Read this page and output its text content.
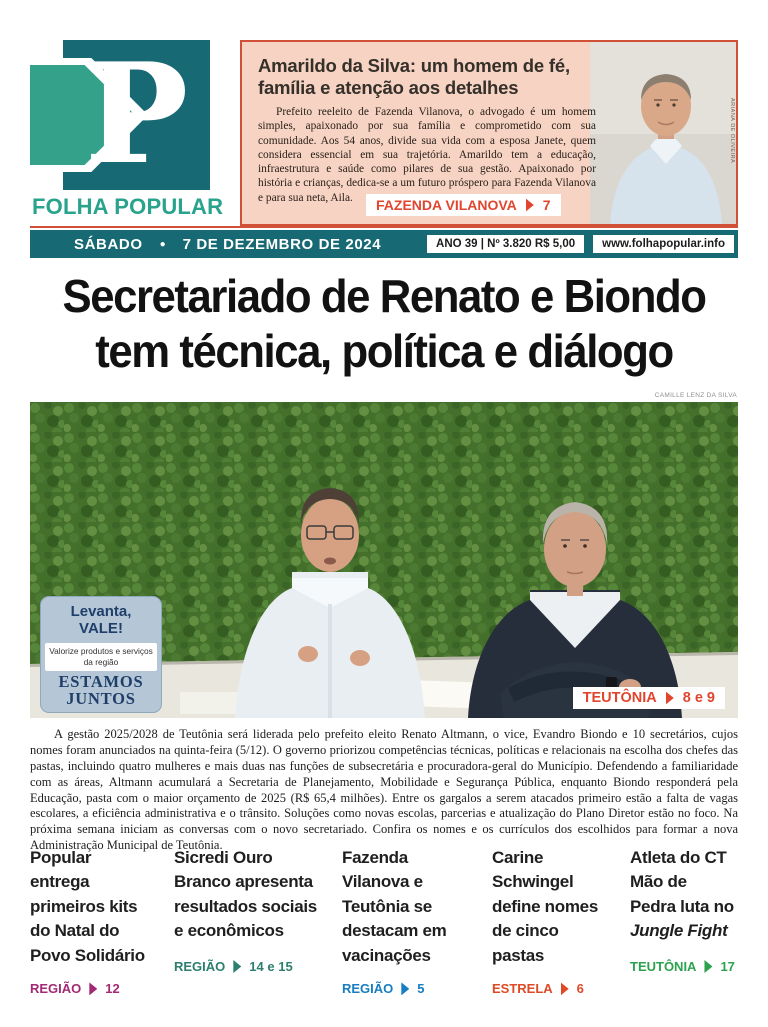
P
FOLHA POPULAR
ARIANA DE OLIVEIRA
Amarildo da Silva: um homem de fé, família e atenção aos detalhes
Prefeito reeleito de Fazenda Vilanova, o advogado é um homem simples, apaixonado por sua família e comprometido com sua comunidade. Aos 54 anos, divide sua vida com a esposa Janete, quem considera essencial em sua trajetória. Amarildo tem a educação, infraestrutura e saúde como pilares de sua gestão. Apaixonado por história e crianças, dedica-se a um futuro próspero para Fazenda Vilanova e para sua neta, Aila.	FAZENDA VILANOVA 7
SÁBADO ● 7 DE DEZEMBRO DE 2024	ANO 39 | Nº 3.820 R$ 5,00	www.folhapopular.info
Secretariado de Renato e Biondo
tem técnica, política e diálogo
CAMILLE LENZ DA SILVA
Levanta,
VALE!
Valorize produtos e serviços da região
ESTAMOS JUNTOS	TEUTÔNIA 8 e 9
A gestão 2025/2028 de Teutônia será liderada pelo prefeito eleito Renato Altmann, o vice, Evandro Biondo e 10 secretários, cujos nomes foram anunciados na quinta-feira (5/12). O governo priorizou competências técnicas, políticas e relacionais na escolha dos chefes das pastas, incluindo quatro mulheres e mais duas nas funções de subsecretária e procuradora-geral do Município. Defendendo a familiaridade com as áreas, Altmann acumulará a Secretaria de Planejamento, Mobilidade e Segurança Pública, enquanto Biondo responderá pela Educação, pasta com o maior orçamento de 2025 (R$ 65,4 milhões). Entre os gargalos a serem atacados primeiro estão a falta de vagas escolares, a eficiência administrativa e o trânsito. Soluções como novas escolas, parcerias e atualização do Plano Diretor estão no foco. Na próxima semana iniciam as conversas com o novo secretariado. Confira os nomes e os currículos dos escolhidos para formar a nova Administração Municipal de Teutônia.
Popular entrega primeiros kits do Natal do Povo Solidário
REGIÃO 12
Sicredi Ouro Branco apresenta resultados sociais e econômicos
REGIÃO 14 e 15
Fazenda Vilanova e Teutônia se destacam em vacinações
REGIÃO 5
Carine Schwingel define nomes de cinco pastas
ESTRELA 6
Atleta do CT Mão de Pedra luta no Jungle Fight
TEUTÔNIA 17
